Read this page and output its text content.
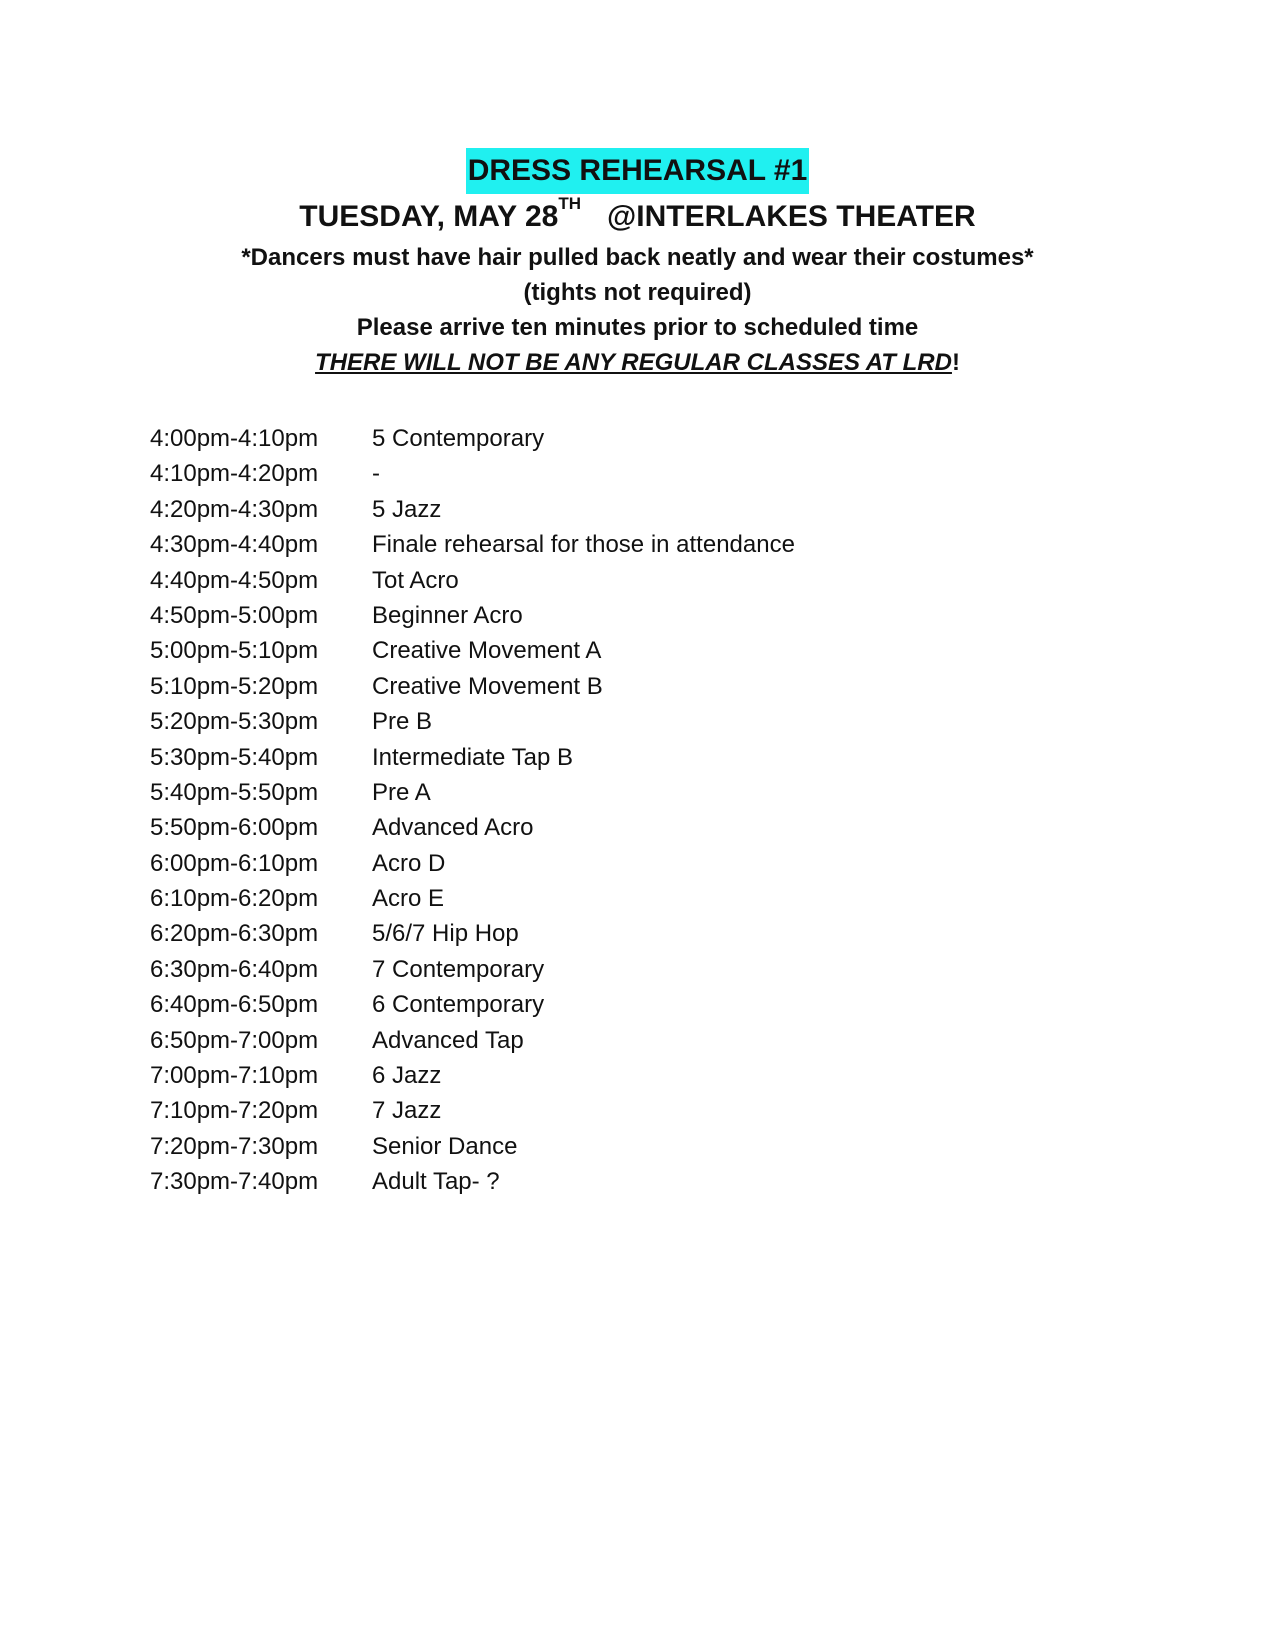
DRESS REHEARSAL #1
TUESDAY, MAY 28TH @INTERLAKES THEATER
*Dancers must have hair pulled back neatly and wear their costumes*
(tights not required)
Please arrive ten minutes prior to scheduled time
THERE WILL NOT BE ANY REGULAR CLASSES AT LRD!
4:00pm-4:10pm 5 Contemporary
4:10pm-4:20pm -
4:20pm-4:30pm 5 Jazz
4:30pm-4:40pm Finale rehearsal for those in attendance
4:40pm-4:50pm Tot Acro
4:50pm-5:00pm Beginner Acro
5:00pm-5:10pm Creative Movement A
5:10pm-5:20pm Creative Movement B
5:20pm-5:30pm Pre B
5:30pm-5:40pm Intermediate Tap B
5:40pm-5:50pm Pre A
5:50pm-6:00pm Advanced Acro
6:00pm-6:10pm Acro D
6:10pm-6:20pm Acro E
6:20pm-6:30pm 5/6/7 Hip Hop
6:30pm-6:40pm 7 Contemporary
6:40pm-6:50pm 6 Contemporary
6:50pm-7:00pm Advanced Tap
7:00pm-7:10pm 6 Jazz
7:10pm-7:20pm 7 Jazz
7:20pm-7:30pm Senior Dance
7:30pm-7:40pm Adult Tap- ?
